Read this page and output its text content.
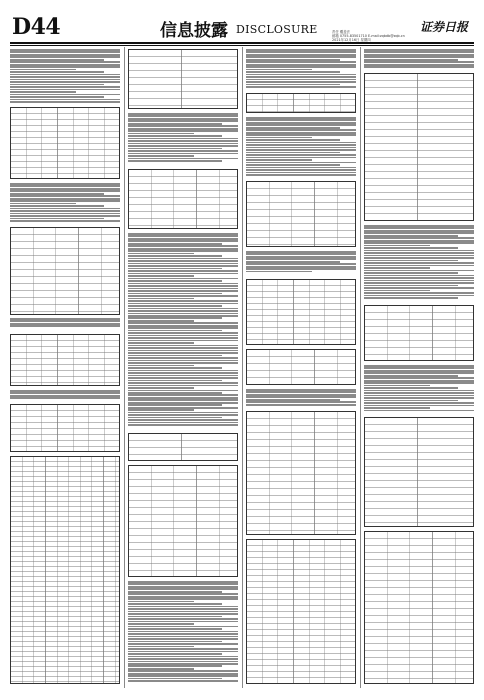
D44	信息披露 DISCLOSURE	责任 覆盖法
邮箱 0755-83501710 E-mail:zqbdb@zqb.cn
2021年12月16日 星期四
证券日报
